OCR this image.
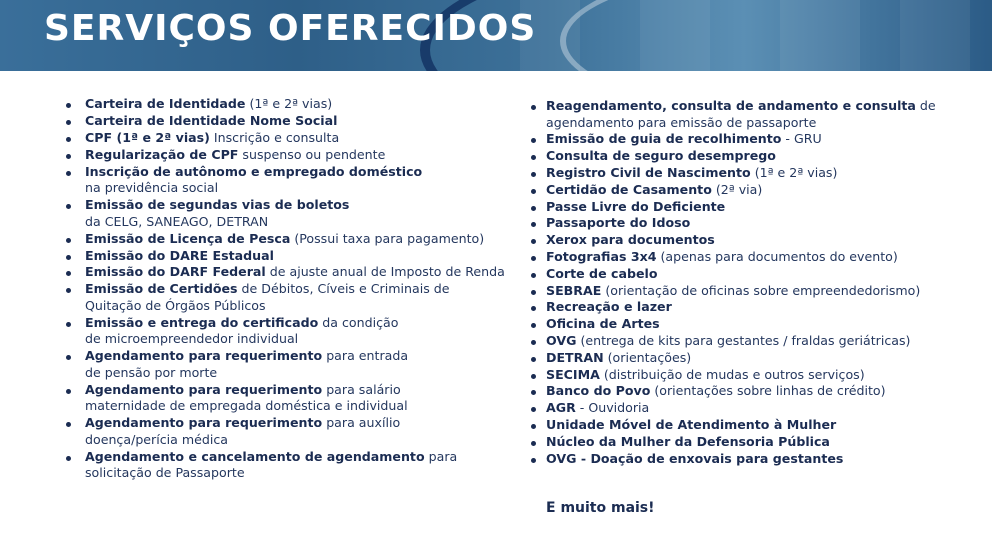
SERVIÇOS OFERECIDOS
Carteira de Identidade (1ª e 2ª vias)
Carteira de Identidade Nome Social
CPF (1ª e 2ª vias) Inscrição e consulta
Regularização de CPF suspenso ou pendente
Inscrição de autônomo e empregado doméstico
na previdência social
Emissão de segundas vias de boletos
da CELG, SANEAGO, DETRAN
Emissão de Licença de Pesca (Possui taxa para pagamento)
Emissão do DARE Estadual
Emissão do DARF Federal de ajuste anual de Imposto de Renda
Emissão de Certidões de Débitos, Cíveis e Criminais de
Quitação de Órgãos Públicos
Emissão e entrega do certificado da condição
de microempreendedor individual
Agendamento para requerimento para entrada
de pensão por morte
Agendamento para requerimento para salário
maternidade de empregada doméstica e individual
Agendamento para requerimento para auxílio
doença/perícia médica
Agendamento e cancelamento de agendamento para
solicitação de Passaporte
Reagendamento, consulta de andamento e consulta de
agendamento para emissão de passaporte
Emissão de guia de recolhimento - GRU
Consulta de seguro desemprego
Registro Civil de Nascimento (1ª e 2ª vias)
Certidão de Casamento (2ª via)
Passe Livre do Deficiente
Passaporte do Idoso
Xerox para documentos
Fotografias 3x4 (apenas para documentos do evento)
Corte de cabelo
SEBRAE (orientação de oficinas sobre empreendedorismo)
Recreação e lazer
Oficina de Artes
OVG (entrega de kits para gestantes / fraldas geriátricas)
DETRAN (orientações)
SECIMA (distribuição de mudas e outros serviços)
Banco do Povo (orientações sobre linhas de crédito)
AGR - Ouvidoria
Unidade Móvel de Atendimento à Mulher
Núcleo da Mulher da Defensoria Pública
OVG - Doação de enxovais para gestantes
E muito mais!
